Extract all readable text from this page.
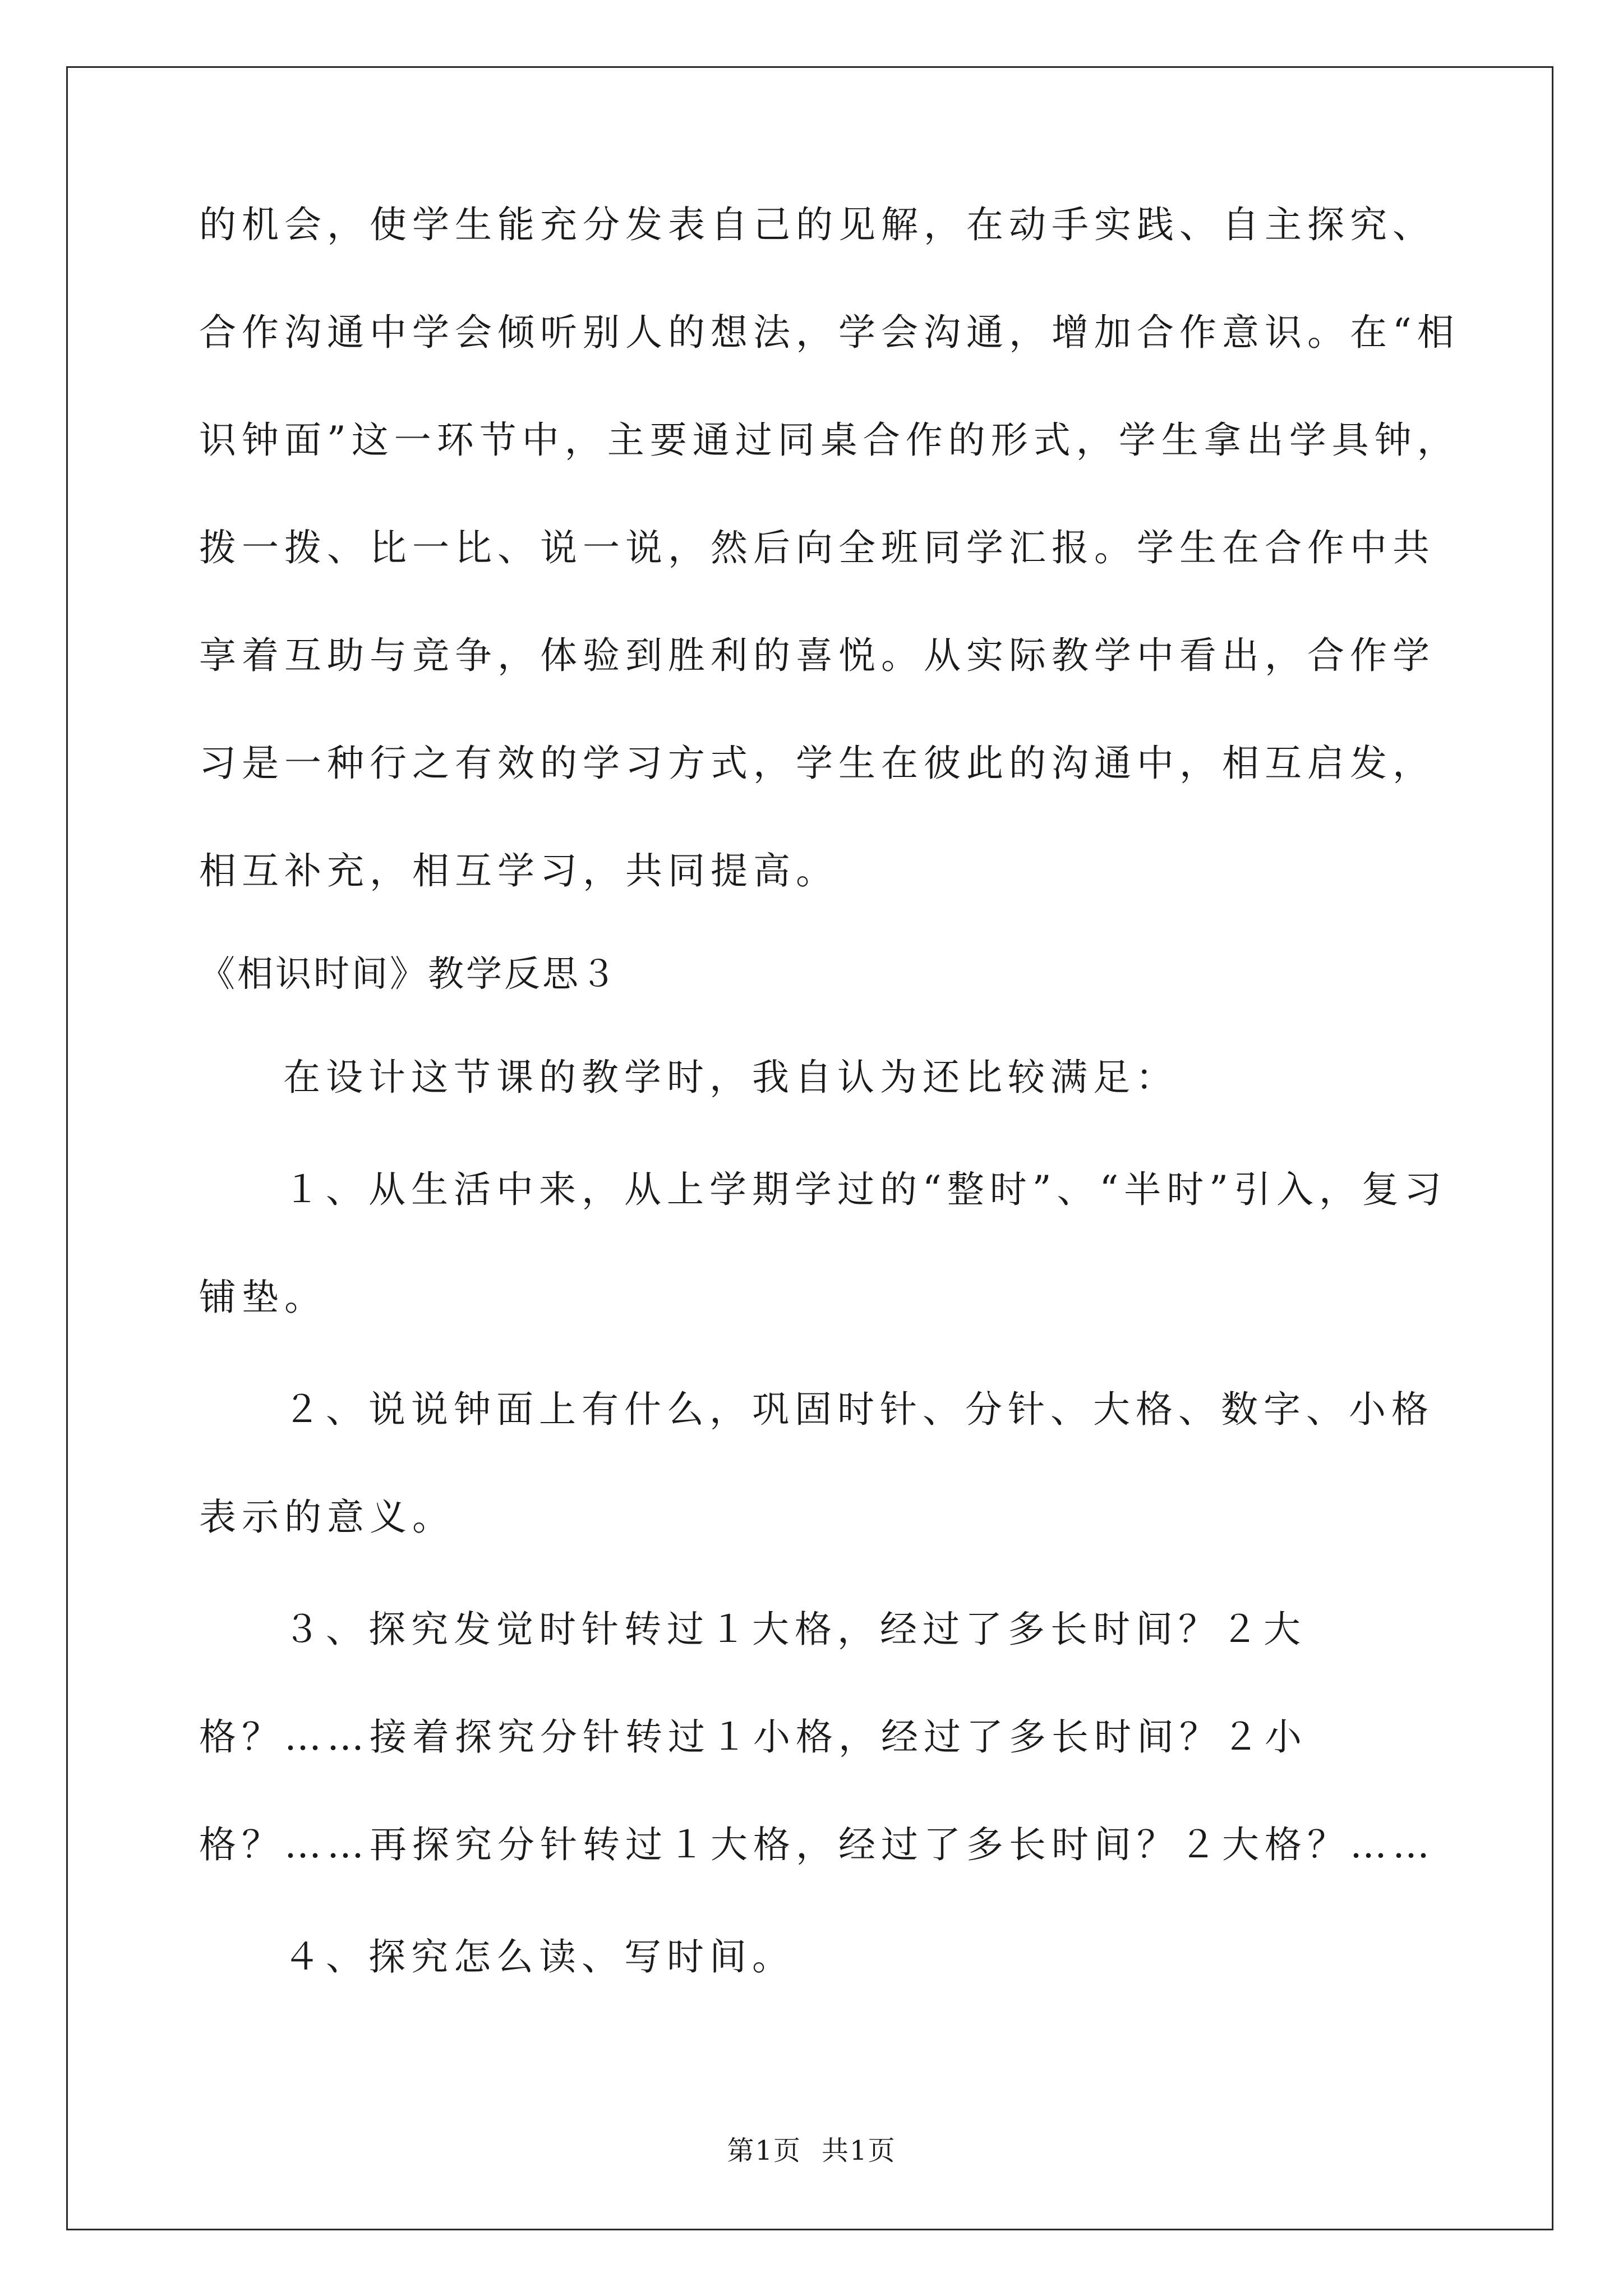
的机会，使学生能充分发表自己的见解，在动手实践、自主探究、合作沟通中学会倾听别人的想法，学会沟通，增加合作意识。在“相识钟面”这一环节中，主要通过同桌合作的形式，学生拿出学具钟，拨一拨、比一比、说一说，然后向全班同学汇报。学生在合作中共享着互助与竞争，体验到胜利的喜悦。从实际教学中看出，合作学习是一种行之有效的学习方式，学生在彼此的沟通中，相互启发，相互补充，相互学习，共同提高。

《相识时间》教学反思３

在设计这节课的教学时，我自认为还比较满足：

１、从生活中来，从上学期学过的“整时”、“半时”引入，复习铺垫。

２、说说钟面上有什么，巩固时针、分针、大格、数字、小格表示的意义。

３、探究发觉时针转过１大格，经过了多长时间？２大格？……接着探究分针转过１小格，经过了多长时间？２小格？……再探究分针转过１大格，经过了多长时间？２大格？……

４、探究怎么读、写时间。

第1页 共1页
